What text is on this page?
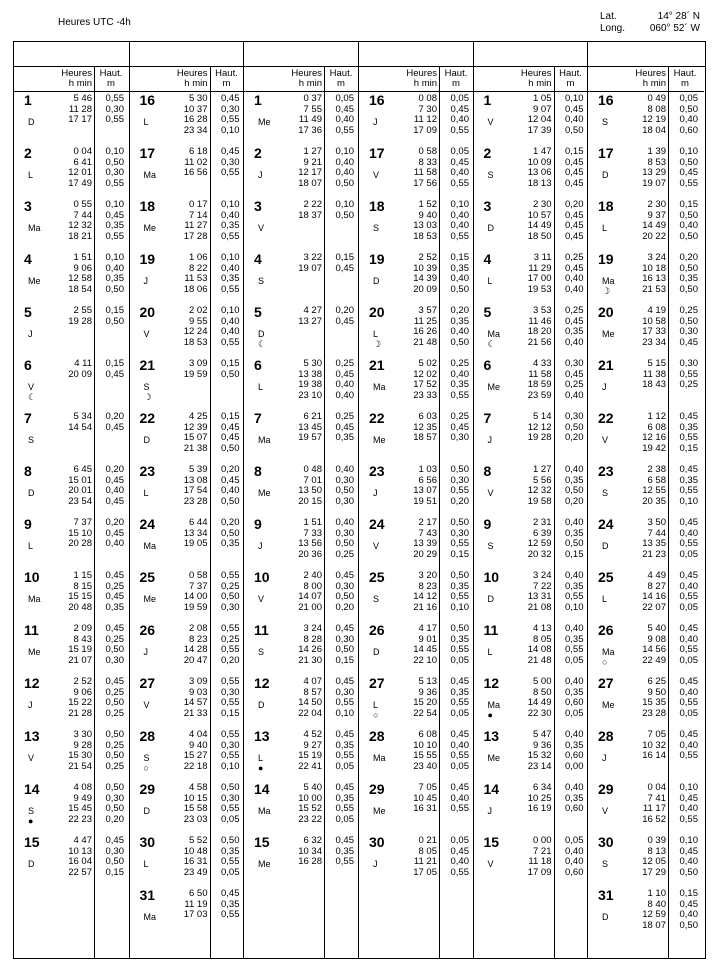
Heures UTC -4h
Lat.	14° 28´ N
Long.	060° 52´ W
Heures
h min
Haut.
m
1
D
5 46
11 28
17 17
0,55
0,30
0,55
2
L
0 04
6 41
12 01
17 49
0,10
0,50
0,30
0,55
3
Ma
0 55
7 44
12 32
18 21
0,10
0,45
0,35
0,55
4
Me
1 51
9 06
12 58
18 54
0,10
0,40
0,35
0,50
5
J
2 55
19 28
0,15
0,50
6
V
☾
4 11
20 09
0,15
0,45
7
S
5 34
14 54
0,20
0,45
8
D
6 45
15 01
20 01
23 54
0,20
0,45
0,40
0,45
9
L
7 37
15 10
20 28
0,20
0,45
0,40
10
Ma
1 15
8 15
15 15
20 48
0,45
0,25
0,45
0,35
11
Me
2 09
8 43
15 19
21 07
0,45
0,25
0,50
0,30
12
J
2 52
9 06
15 22
21 28
0,45
0,25
0,50
0,25
13
V
3 30
9 28
15 30
21 54
0,50
0,25
0,50
0,25
14
S
●
4 08
9 49
15 45
22 23
0,50
0,30
0,50
0,20
15
D
4 47
10 13
16 04
22 57
0,45
0,30
0,50
0,15
Heures
h min
Haut.
m
16
L
5 30
10 37
16 28
23 34
0,45
0,30
0,55
0,10
17
Ma
6 18
11 02
16 56
0,45
0,30
0,55
18
Me
0 17
7 14
11 27
17 28
0,10
0,40
0,35
0,55
19
J
1 06
8 22
11 53
18 06
0,10
0,40
0,35
0,55
20
V
2 02
9 55
12 24
18 53
0,10
0,40
0,40
0,55
21
S
☽
3 09
19 59
0,15
0,50
22
D
4 25
12 39
15 07
21 38
0,15
0,45
0,45
0,50
23
L
5 39
13 08
17 54
23 28
0,20
0,45
0,40
0,50
24
Ma
6 44
13 34
19 05
0,20
0,50
0,35
25
Me
0 58
7 37
14 00
19 59
0,55
0,25
0,50
0,30
26
J
2 08
8 23
14 28
20 47
0,55
0,25
0,55
0,20
27
V
3 09
9 03
14 57
21 33
0,55
0,30
0,55
0,15
28
S
○
4 04
9 40
15 27
22 18
0,55
0,30
0,55
0,10
29
D
4 58
10 15
15 58
23 03
0,50
0,30
0,55
0,05
30
L
5 52
10 48
16 31
23 49
0,50
0,35
0,55
0,05
31
Ma
6 50
11 19
17 03
0,45
0,35
0,55
Heures
h min
Haut.
m
1
Me
0 37
7 55
11 49
17 36
0,05
0,45
0,40
0,55
2
J
1 27
9 21
12 17
18 07
0,10
0,40
0,40
0,50
3
V
2 22
18 37
0,10
0,50
4
S
3 22
19 07
0,15
0,45
5
D
☾
4 27
13 27
0,20
0,45
6
L
5 30
13 38
19 38
23 10
0,25
0,45
0,40
0,40
7
Ma
6 21
13 45
19 57
0,25
0,45
0,35
8
Me
0 48
7 01
13 50
20 15
0,40
0,30
0,50
0,30
9
J
1 51
7 33
13 56
20 36
0,40
0,30
0,50
0,25
10
V
2 40
8 00
14 07
21 00
0,45
0,30
0,50
0,20
11
S
3 24
8 28
14 26
21 30
0,45
0,30
0,50
0,15
12
D
4 07
8 57
14 50
22 04
0,45
0,30
0,55
0,10
13
L
●
4 52
9 27
15 19
22 41
0,45
0,35
0,55
0,05
14
Ma
5 40
10 00
15 52
23 22
0,45
0,35
0,55
0,05
15
Me
6 32
10 34
16 28
0,45
0,35
0,55
Heures
h min
Haut.
m
16
J
0 08
7 30
11 12
17 09
0,05
0,45
0,40
0,55
17
V
0 58
8 33
11 58
17 56
0,05
0,45
0,40
0,55
18
S
1 52
9 40
13 03
18 53
0,10
0,40
0,40
0,55
19
D
2 52
10 39
14 39
20 09
0,15
0,35
0,40
0,50
20
L
☽
3 57
11 25
16 26
21 48
0,20
0,35
0,40
0,50
21
Ma
5 02
12 02
17 52
23 33
0,25
0,40
0,35
0,55
22
Me
6 03
12 35
18 57
0,25
0,45
0,30
23
J
1 03
6 56
13 07
19 51
0,50
0,30
0,55
0,20
24
V
2 17
7 43
13 39
20 29
0,50
0,30
0,55
0,15
25
S
3 20
8 23
14 12
21 16
0,50
0,35
0,55
0,10
26
D
4 17
9 01
14 45
22 10
0,50
0,35
0,55
0,05
27
L
○
5 13
9 36
15 20
22 54
0,45
0,35
0,55
0,05
28
Ma
6 08
10 10
15 55
23 40
0,45
0,40
0,55
0,05
29
Me
7 05
10 45
16 31
0,45
0,40
0,55
30
J
0 21
8 05
11 21
17 05
0,05
0,45
0,40
0,55
Heures
h min
Haut.
m
1
V
1 05
9 07
12 04
17 39
0,10
0,45
0,40
0,50
2
S
1 47
10 09
13 06
18 13
0,15
0,45
0,45
0,45
3
D
2 30
10 57
14 49
18 50
0,20
0,45
0,45
0,45
4
L
3 11
11 29
17 00
19 53
0,25
0,45
0,40
0,40
5
Ma
☾
3 53
11 46
18 20
21 56
0,25
0,45
0,35
0,40
6
Me
4 33
11 58
18 59
23 59
0,30
0,45
0,25
0,40
7
J
5 14
12 12
19 28
0,30
0,50
0,20
8
V
1 27
5 56
12 32
19 58
0,40
0,35
0,50
0,20
9
S
2 31
6 39
12 59
20 32
0,40
0,35
0,50
0,15
10
D
3 24
7 22
13 31
21 08
0,40
0,35
0,55
0,10
11
L
4 13
8 05
14 08
21 48
0,40
0,35
0,55
0,05
12
Ma
●
5 00
8 50
14 49
22 30
0,40
0,35
0,60
0,05
13
Me
5 47
9 36
15 32
23 14
0,40
0,35
0,60
0,00
14
J
6 34
10 25
16 19
0,40
0,35
0,60
15
V
0 00
7 21
11 18
17 09
0,05
0,40
0,40
0,60
Heures
h min
Haut.
m
16
S
0 49
8 08
12 19
18 04
0,05
0,50
0,40
0,60
17
D
1 39
8 53
13 29
19 07
0,10
0,50
0,45
0,55
18
L
2 30
9 37
14 49
20 22
0,15
0,50
0,40
0,50
19
Ma
☽
3 24
10 18
16 13
21 53
0,20
0,50
0,35
0,50
20
Me
4 19
10 58
17 33
23 34
0,25
0,50
0,30
0,45
21
J
5 15
11 38
18 43
0,30
0,55
0,25
22
V
1 12
6 08
12 16
19 42
0,45
0,35
0,55
0,15
23
S
2 38
6 58
12 55
20 35
0,45
0,35
0,55
0,10
24
D
3 50
7 44
13 35
21 23
0,45
0,40
0,55
0,05
25
L
4 49
8 27
14 16
22 07
0,45
0,40
0,55
0,05
26
Ma
○
5 40
9 08
14 56
22 49
0,45
0,40
0,55
0,05
27
Me
6 25
9 50
15 35
23 28
0,45
0,40
0,55
0,05
28
J
7 05
10 32
16 14
0,45
0,40
0,55
29
V
0 04
7 41
11 17
16 52
0,10
0,45
0,40
0,55
30
S
0 39
8 13
12 05
17 29
0,10
0,45
0,40
0,50
31
D
1 10
8 40
12 59
18 07
0,15
0,45
0,40
0,50
